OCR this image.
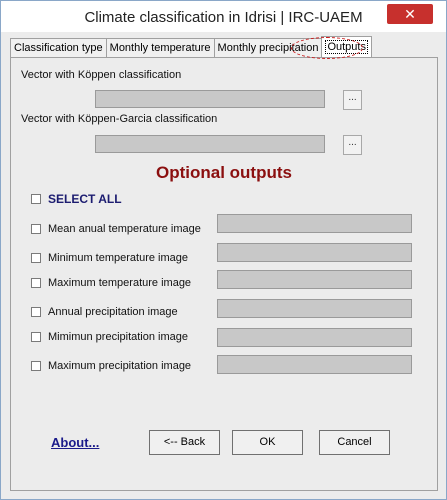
Climate classification in Idrisi | IRC-UAEM	✕
Classification type Monthly temperature Monthly precipitation Outputs
Vector with Köppen classification
...
Vector with Köppen-Garcia classification
...
Optional outputs
SELECT ALL
Mean anual temperature image
Minimum temperature image
Maximum temperature image
Annual precipitation image
Mimimun precipitation image
Maximum precipitation image
About...	<-- Back	OK	Cancel
